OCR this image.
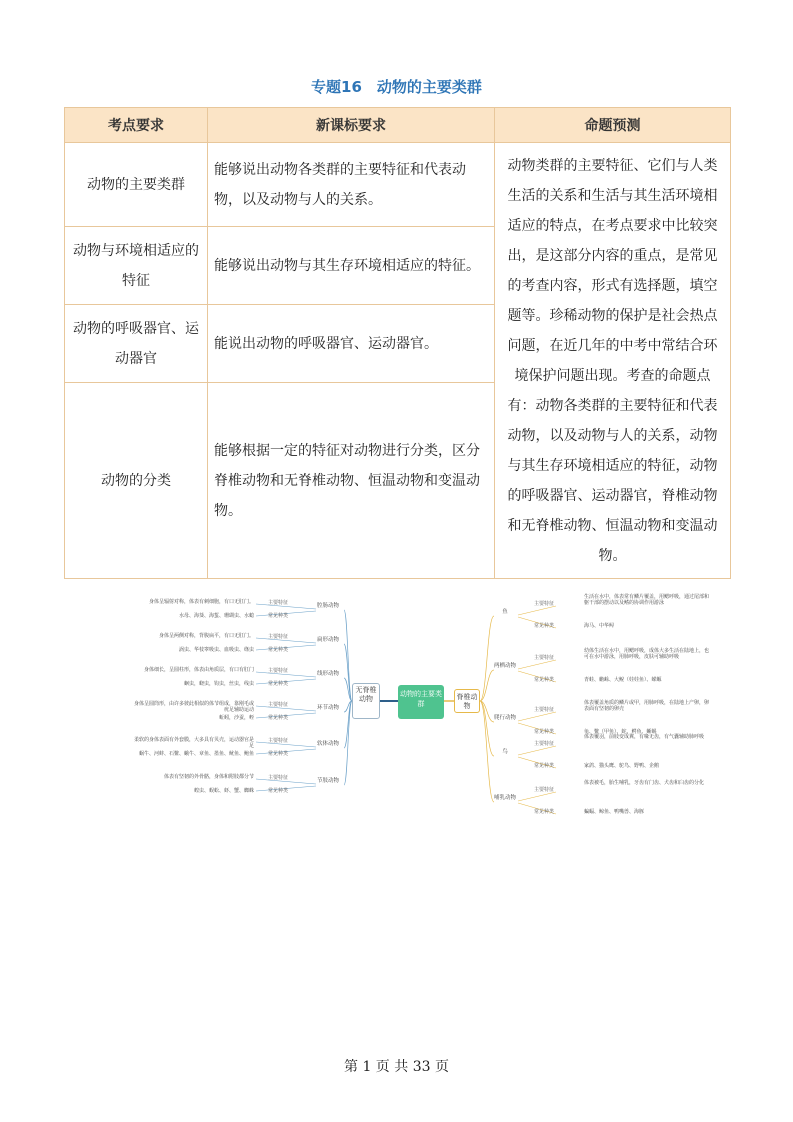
专题16　动物的主要类群
考点要求	新课标要求	命题预测
动物的主要类群	能够说出动物各类群的主要特征和代表动物，以及动物与人的关系。	动物类群的主要特征、它们与人类生活的关系和生活与其生活环境相适应的特点，在考点要求中比较突出，是这部分内容的重点，是常见的考查内容，形式有选择题，填空题等。珍稀动物的保护是社会热点问题，在近几年的中考中常结合环境保护问题出现。考查的命题点有：动物各类群的主要特征和代表动物，以及动物与人的关系，动物与其生存环境相适应的特征，动物的呼吸器官、运动器官，脊椎动物和无脊椎动物、恒温动物和变温动物。
动物与环境相适应的特征	能够说出动物与其生存环境相适应的特征。	
动物的呼吸器官、运动器官	能说出动物的呼吸器官、运动器官。	
动物的分类	能够根据一定的特征对动物进行分类，区分脊椎动物和无脊椎动物、恒温动物和变温动物。	
无脊椎动物
动物的主要类群
脊椎动物
腔肠动物
主要特征
常见种类
身体呈辐射对称，体表有刺细胞，有口无肛门。
水母、海葵、海蜇、珊瑚虫、水螅
扁形动物
主要特征
常见种类
身体呈两侧对称，背腹扁平，有口无肛门。
涡虫、华枝睾吸虫、血吸虫、绦虫
线形动物
主要特征
常见种类
身体细长，呈圆柱形，体表由角质层，有口有肛门
蛔虫，蛲虫，钩虫，丝虫，线虫
环节动物
主要特征
常见种类
身体呈圆筒形，由许多彼此相似的体节组成，靠刚毛或疣足辅助运动
蚯蚓，沙蚕，蛭
软体动物
主要特征
常见种类
柔软的身体表面有外套膜，大多具有贝壳，运动器官是足
蜗牛、河蚌、石鳖、蛾牛、章鱼、墨鱼、鱿鱼、鲍鱼
节肢动物
主要特征
常见种类
体表有坚韧的外骨骼，身体和附肢都分节
蝗虫、蜈蚣、虾、蟹、蜘蛛
鱼
主要特征
常见种类
生活在水中，体表常有鳞片覆盖，用鳃呼吸，通过尾部和躯干部的摆动以及鳍的协调作用游泳
海马、中华鲟
两栖动物
主要特征
常见种类
幼体生活在水中，用鳃呼吸，成体大多生活在陆地上，也可在水中游泳，用肺呼吸，皮肤可辅助呼吸
青蛙、蟾蜍、大鲵（娃娃鱼）、蝾螈
爬行动物
主要特征
常见种类
体表覆盖角质的鳞片或甲，用肺呼吸，在陆地上产卵，卵表面有坚韧的卵壳
龟、鳖（甲鱼）、蛇、鳄鱼、蜥蜴
鸟
主要特征
常见种类
体表覆羽，前肢变成翼，有喙无齿，有气囊辅助肺呼吸
家鸽、猫头鹰、鸵鸟、野鸭、企鹅
哺乳动物
主要特征
常见种类
体表被毛，胎生哺乳，牙齿有门齿、犬齿和臼齿的分化
蝙蝠、鲸鱼、鸭嘴兽、海豚
第 1 页 共 33 页
